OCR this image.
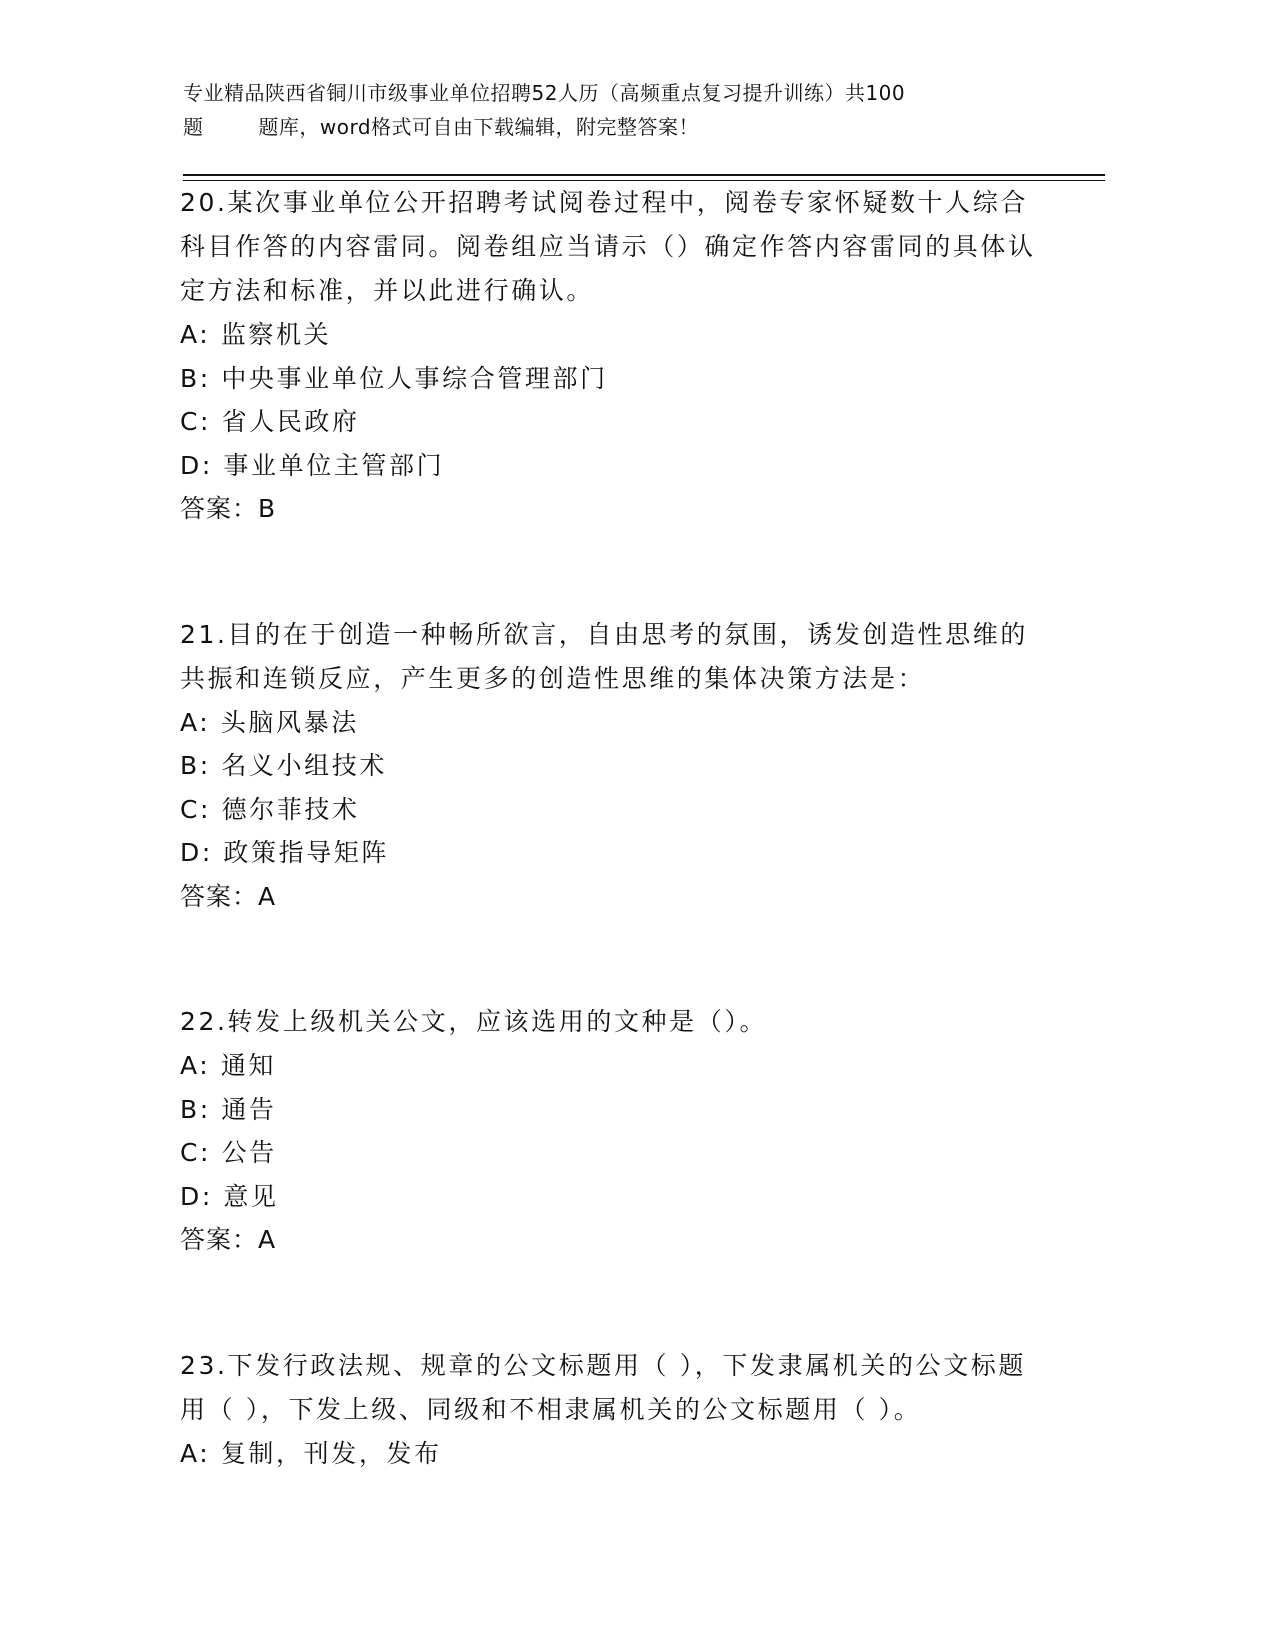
专业精品陕西省铜川市级事业单位招聘52人历（高频重点复习提升训练）共100

题        题库，word格式可自由下载编辑，附完整答案！
20.某次事业单位公开招聘考试阅卷过程中，阅卷专家怀疑数十人综合科目作答的内容雷同。阅卷组应当请示（）确定作答内容雷同的具体认定方法和标准，并以此进行确认。
A: 监察机关
B: 中央事业单位人事综合管理部门
C: 省人民政府
D: 事业单位主管部门
答案：B
21.目的在于创造一种畅所欲言，自由思考的氛围，诱发创造性思维的共振和连锁反应，产生更多的创造性思维的集体决策方法是：
A: 头脑风暴法
B: 名义小组技术
C: 德尔菲技术
D: 政策指导矩阵
答案：A
22.转发上级机关公文，应该选用的文种是（）。
A: 通知
B: 通告
C: 公告
D: 意见
答案：A
23.下发行政法规、规章的公文标题用（ ），下发隶属机关的公文标题用（ ），下发上级、同级和不相隶属机关的公文标题用（ ）。
A: 复制，刊发，发布
